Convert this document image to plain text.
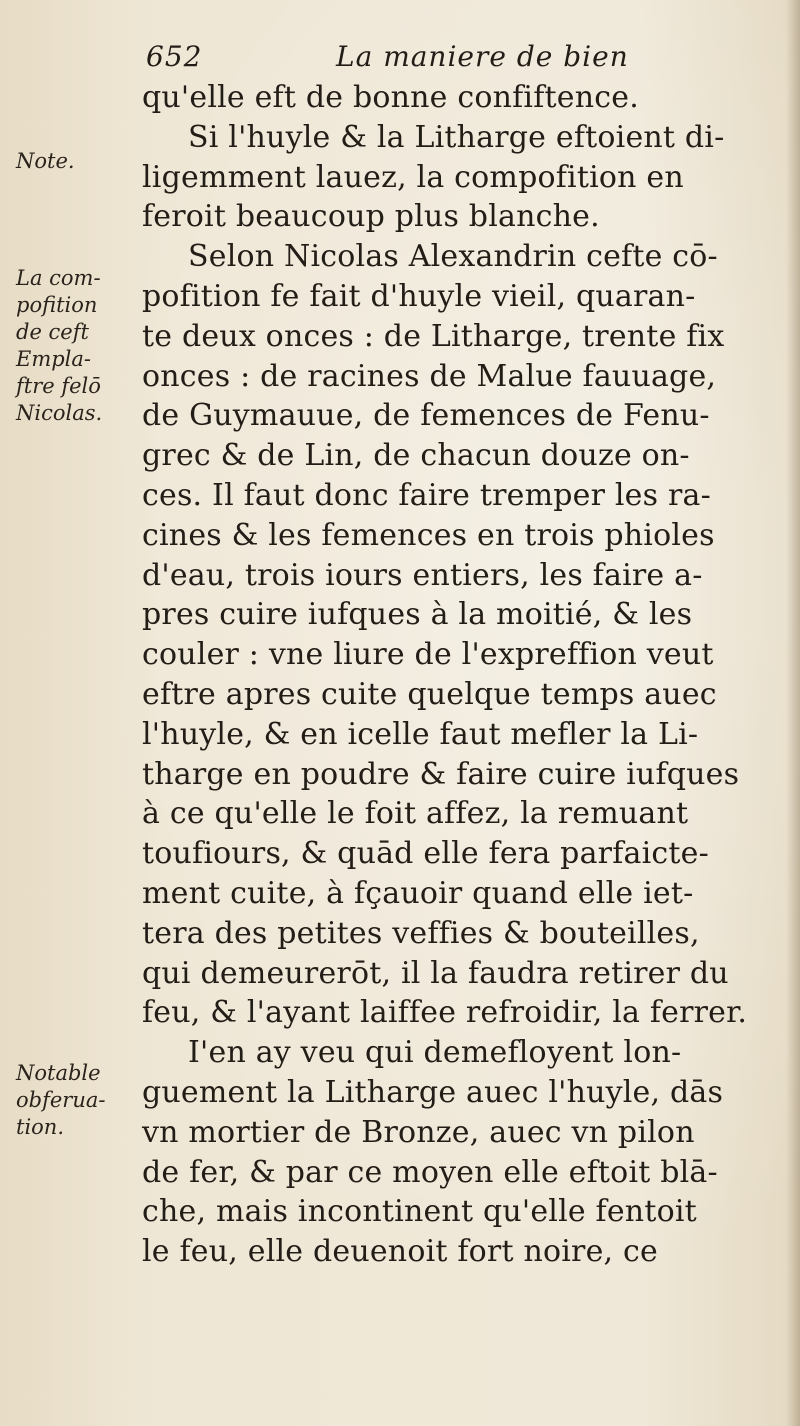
652	La maniere de bien
Note.
La com-
pofition
de ceft
Empla-
ftre felō
Nicolas.
Notable
obferua-
tion.
qu'elle eft de bonne confiftence.
Si l'huyle & la Litharge eftoient di-
ligemment lauez, la compofition en
feroit beaucoup plus blanche.
Selon Nicolas Alexandrin cefte cō-
pofition fe fait d'huyle vieil, quaran-
te deux onces : de Litharge, trente fix
onces : de racines de Malue fauuage,
de Guymauue, de femences de Fenu-
grec & de Lin, de chacun douze on-
ces. Il faut donc faire tremper les ra-
cines & les femences en trois phioles
d'eau, trois iours entiers, les faire a-
pres cuire iufques à la moitié, & les
couler : vne liure de l'expreffion veut
eftre apres cuite quelque temps auec
l'huyle, & en icelle faut mefler la Li-
tharge en poudre & faire cuire iufques
à ce qu'elle le foit affez, la remuant
toufiours, & quād elle fera parfaicte-
ment cuite, à fçauoir quand elle iet-
tera des petites veffies & bouteilles,
qui demeurerōt, il la faudra retirer du
feu, & l'ayant laiffee refroidir, la ferrer.
I'en ay veu qui demefloyent lon-
guement la Litharge auec l'huyle, dās
vn mortier de Bronze, auec vn pilon
de fer, & par ce moyen elle eftoit blā-
che, mais incontinent qu'elle fentoit
le feu, elle deuenoit fort noire, ce
